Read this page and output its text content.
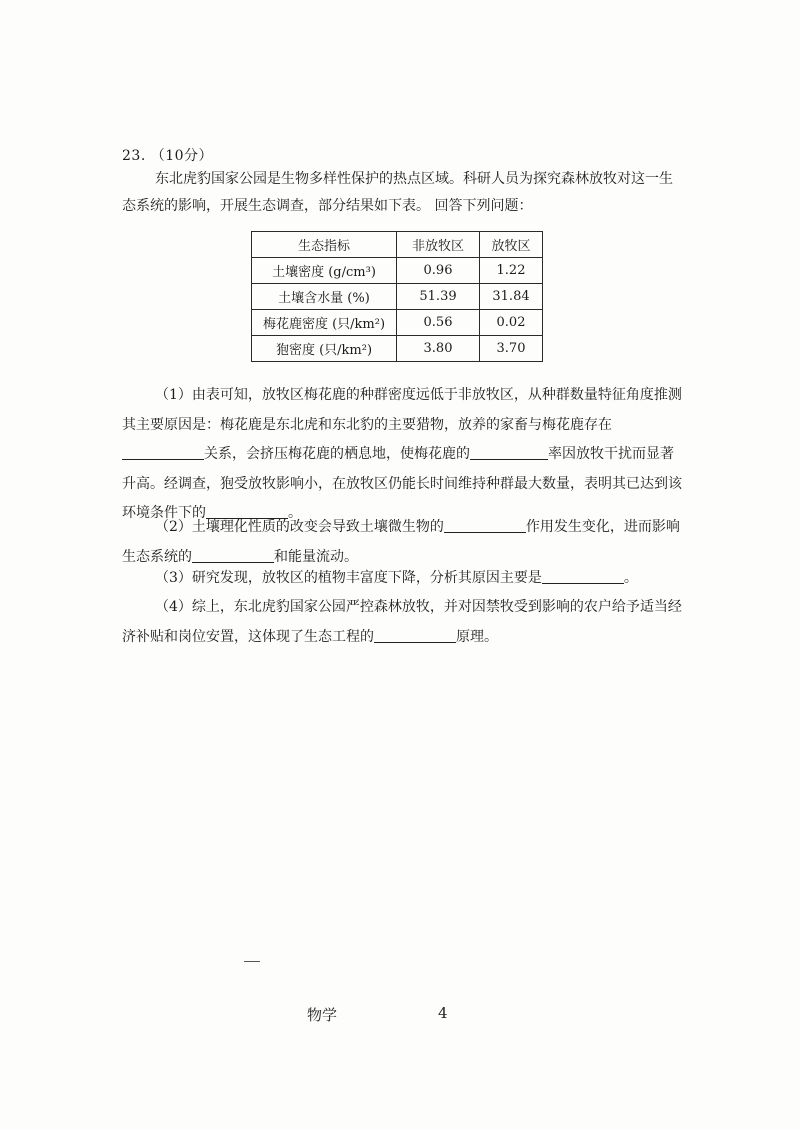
23. （10分）
东北虎豹国家公园是生物多样性保护的热点区域。科研人员为探究森林放牧对这一生态系统的影响，开展生态调查，部分结果如下表。 回答下列问题：
生态指标	非放牧区	放牧区
土壤密度 (g/cm³)	0.96	1.22
土壤含水量 (%)	51.39	31.84
梅花鹿密度 (只/km²)	0.56	0.02
狍密度 (只/km²)	3.80	3.70
（1）由表可知，放牧区梅花鹿的种群密度远低于非放牧区，从种群数量特征角度推测其主要原因是：梅花鹿是东北虎和东北豹的主要猎物，放养的家畜与梅花鹿存在关系，会挤压梅花鹿的栖息地，使梅花鹿的	率因放牧干扰而显著升高。经调查，狍受放牧影响小，在放牧区仍能长时间维持种群最大数量，表明其已达到该环境条件下的	。
（2）土壤理化性质的改变会导致土壤微生物的	作用发生变化，进而影响生态系统的	和能量流动。
（3）研究发现，放牧区的植物丰富度下降，分析其原因主要是	。
（4）综上，东北虎豹国家公园严控森林放牧，并对因禁牧受到影响的农户给予适当经济补贴和岗位安置，这体现了生态工程的	原理。
物学	4
